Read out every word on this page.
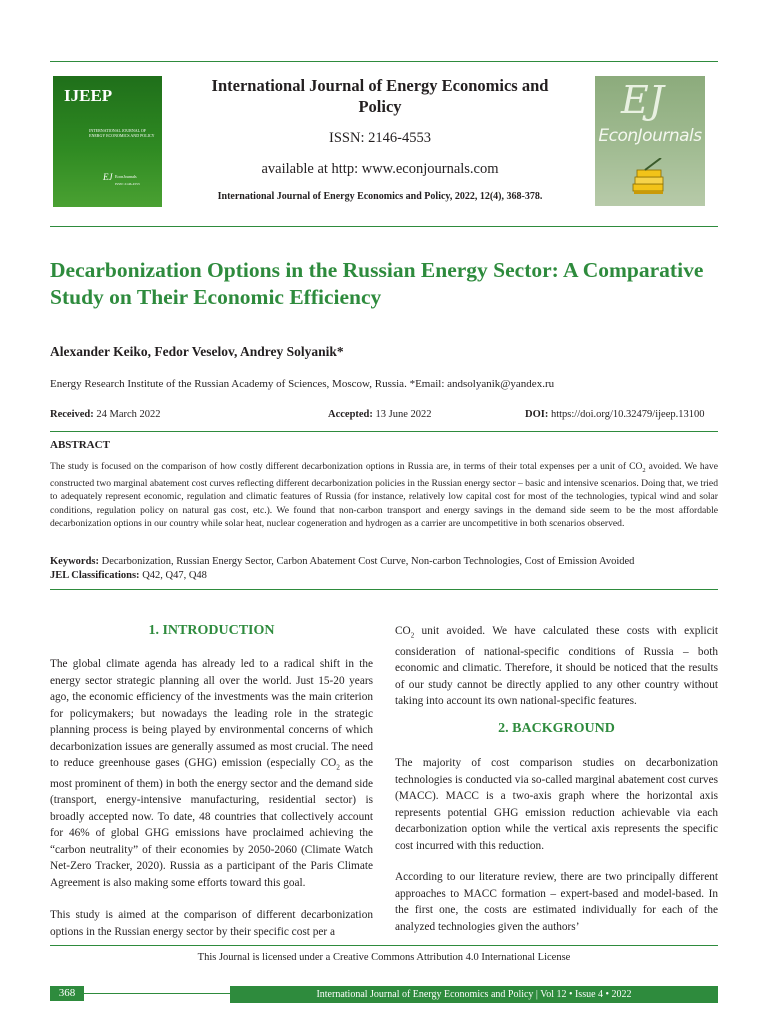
IJEEP
INTERNATIONAL JOURNAL OF ENERGY ECONOMICS AND POLICY
EJ EconJournals
ISSN: 2146-4553
International Journal of Energy Economics and Policy
ISSN: 2146-4553
available at http: www.econjournals.com
International Journal of Energy Economics and Policy, 2022, 12(4), 368-378.
EJ
EconJournals
Decarbonization Options in the Russian Energy Sector: A Comparative Study on Their Economic Efficiency
Alexander Keiko, Fedor Veselov, Andrey Solyanik*
Energy Research Institute of the Russian Academy of Sciences, Moscow, Russia. *Email: andsolyanik@yandex.ru
Received: 24 March 2022	Accepted: 13 June 2022	DOI: https://doi.org/10.32479/ijeep.13100
ABSTRACT
The study is focused on the comparison of how costly different decarbonization options in Russia are, in terms of their total expenses per a unit of $CO_2$ avoided. We have constructed two marginal abatement cost curves reflecting different decarbonization policies in the Russian energy sector – basic and intensive scenarios. Doing that, we tried to adequately represent economic, regulation and climatic features of Russia (for instance, relatively low capital cost for most of the technologies, typical wind and solar conditions, regulation policy on natural gas cost, etc.). We found that non-carbon transport and energy savings in the demand side seem to be the most affordable decarbonization options in our country while solar heat, nuclear cogeneration and hydrogen as a carrier are uncompetitive in both scenarios observed.
Keywords: Decarbonization, Russian Energy Sector, Carbon Abatement Cost Curve, Non-carbon Technologies, Cost of Emission Avoided
JEL Classifications: Q42, Q47, Q48
1. INTRODUCTION
2. BACKGROUND

The global climate agenda has already led to a radical shift in the energy sector strategic planning all over the world. Just 15-20 years ago, the economic efficiency of the investments was the main criterion for policymakers; but nowadays the leading role in the strategic planning process is being played by environmental concerns of which decarbonization issues are generally assumed as most crucial. The need to reduce greenhouse gases (GHG) emission (especially $CO_2$ as the most prominent of them) in both the energy sector and the demand side (transport, energy-intensive manufacturing, residential sector) is broadly accepted now. To date, 48 countries that collectively account for 46% of global GHG emissions have proclaimed achieving the “carbon neutrality” of their economies by 2050-2060 (Climate Watch Net-Zero Tracker, 2020). Russia as a participant of the Paris Climate Agreement is also making some efforts toward this goal.

This study is aimed at the comparison of different decarbonization options in the Russian energy sector by their specific cost per a

$CO_2$ unit avoided. We have calculated these costs with explicit consideration of national-specific conditions of Russia – both economic and climatic. Therefore, it should be noticed that the results of our study cannot be directly applied to any other country without taking into account its own national-specific features.

The majority of cost comparison studies on decarbonization technologies is conducted via so-called marginal abatement cost curves (MACC). MACC is a two-axis graph where the horizontal axis represents potential GHG emission reduction achievable via each decarbonization option while the vertical axis represents the specific cost incurred with this reduction.

According to our literature review, there are two principally different approaches to MACC formation – expert-based and model-based. In the first one, the costs are estimated individually for each of the analyzed technologies given the authors’

This Journal is licensed under a Creative Commons Attribution 4.0 International License
368	International Journal of Energy Economics and Policy | Vol 12 • Issue 4 • 2022
